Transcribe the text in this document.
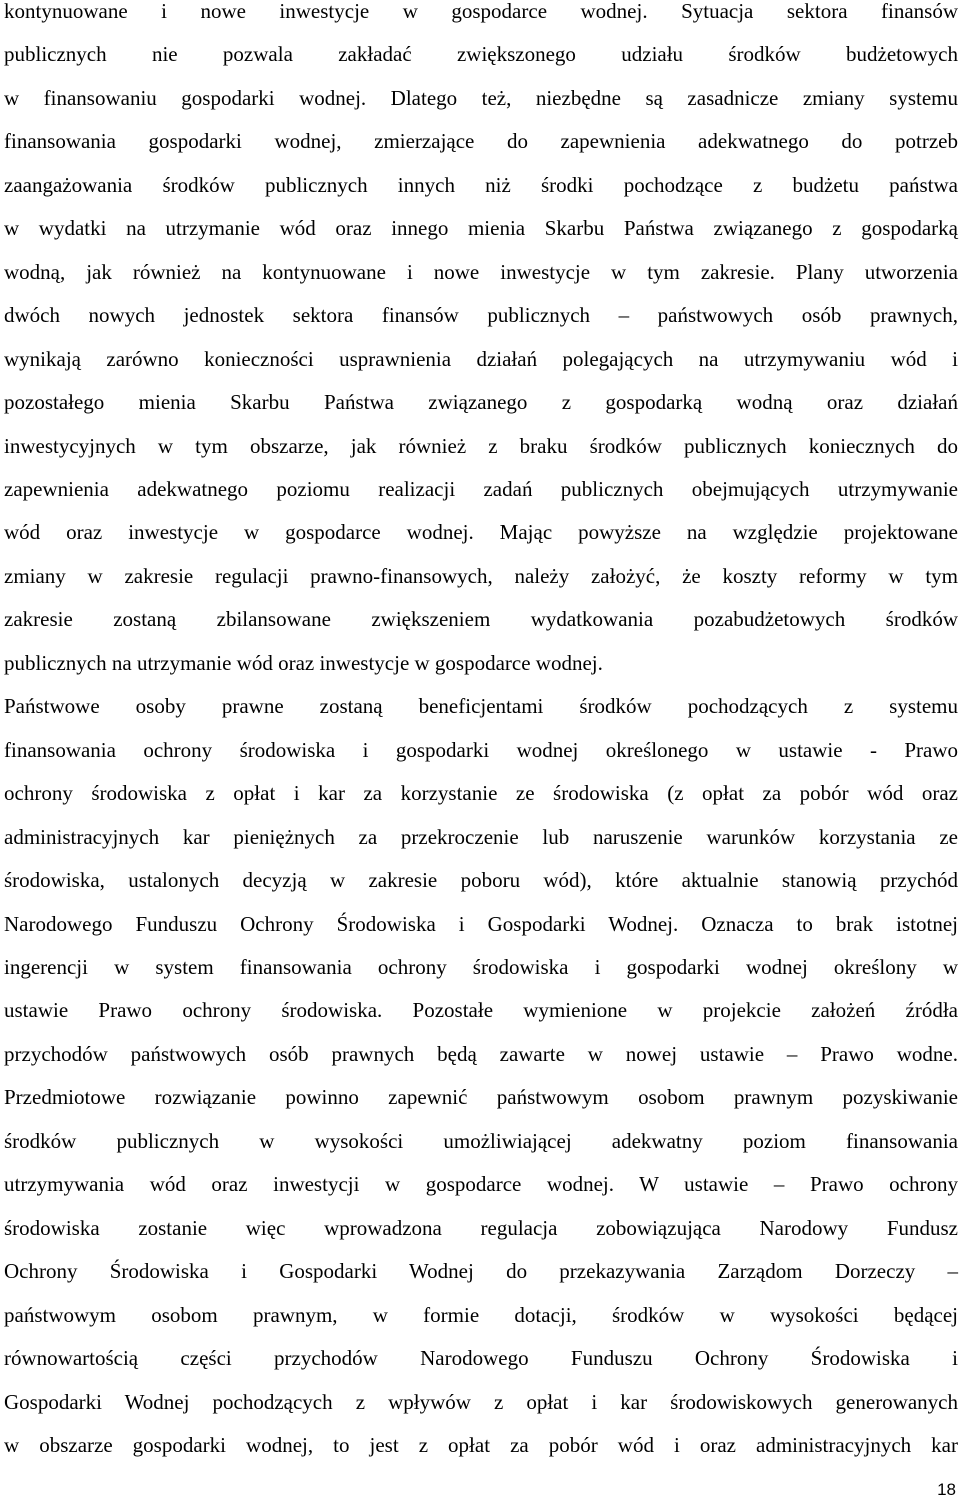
kontynuowane i nowe inwestycje w gospodarce wodnej. Sytuacja sektora finansów
publicznych nie pozwala zakładać zwiększonego udziału środków budżetowych
w finansowaniu gospodarki wodnej. Dlatego też, niezbędne są zasadnicze zmiany systemu
finansowania gospodarki wodnej, zmierzające do zapewnienia adekwatnego do potrzeb
zaangażowania środków publicznych innych niż środki pochodzące z budżetu państwa
w wydatki na utrzymanie wód oraz innego mienia Skarbu Państwa związanego z gospodarką
wodną, jak również na kontynuowane i nowe inwestycje w tym zakresie. Plany utworzenia
dwóch nowych jednostek sektora finansów publicznych – państwowych osób prawnych,
wynikają zarówno konieczności usprawnienia działań polegających na utrzymywaniu wód i
pozostałego mienia Skarbu Państwa związanego z gospodarką wodną oraz działań
inwestycyjnych w tym obszarze, jak również z braku środków publicznych koniecznych do
zapewnienia adekwatnego poziomu realizacji zadań publicznych obejmujących utrzymywanie
wód oraz inwestycje w gospodarce wodnej. Mając powyższe na względzie projektowane
zmiany w zakresie regulacji prawno-finansowych, należy założyć, że koszty reformy w tym
zakresie zostaną zbilansowane zwiększeniem wydatkowania pozabudżetowych środków
publicznych na utrzymanie wód oraz inwestycje w gospodarce wodnej.

Państwowe osoby prawne zostaną beneficjentami środków pochodzących z systemu
finansowania ochrony środowiska i gospodarki wodnej określonego w ustawie - Prawo
ochrony środowiska z opłat i kar za korzystanie ze środowiska (z opłat za pobór wód oraz
administracyjnych kar pieniężnych za przekroczenie lub naruszenie warunków korzystania ze
środowiska, ustalonych decyzją w zakresie poboru wód), które aktualnie stanowią przychód
Narodowego Funduszu Ochrony Środowiska i Gospodarki Wodnej. Oznacza to brak istotnej
ingerencji w system finansowania ochrony środowiska i gospodarki wodnej określony w
ustawie Prawo ochrony środowiska. Pozostałe wymienione w projekcie założeń źródła
przychodów państwowych osób prawnych będą zawarte w nowej ustawie – Prawo wodne.
Przedmiotowe rozwiązanie powinno zapewnić państwowym osobom prawnym pozyskiwanie
środków publicznych w wysokości umożliwiającej adekwatny poziom finansowania
utrzymywania wód oraz inwestycji w gospodarce wodnej. W ustawie – Prawo ochrony
środowiska zostanie więc wprowadzona regulacja zobowiązująca Narodowy Fundusz
Ochrony Środowiska i Gospodarki Wodnej do przekazywania Zarządom Dorzeczy –
państwowym osobom prawnym, w formie dotacji, środków w wysokości będącej
równowartością części przychodów Narodowego Funduszu Ochrony Środowiska i
Gospodarki Wodnej pochodzących z wpływów z opłat i kar środowiskowych generowanych
w obszarze gospodarki wodnej, to jest z opłat za pobór wód i oraz administracyjnych kar

18
